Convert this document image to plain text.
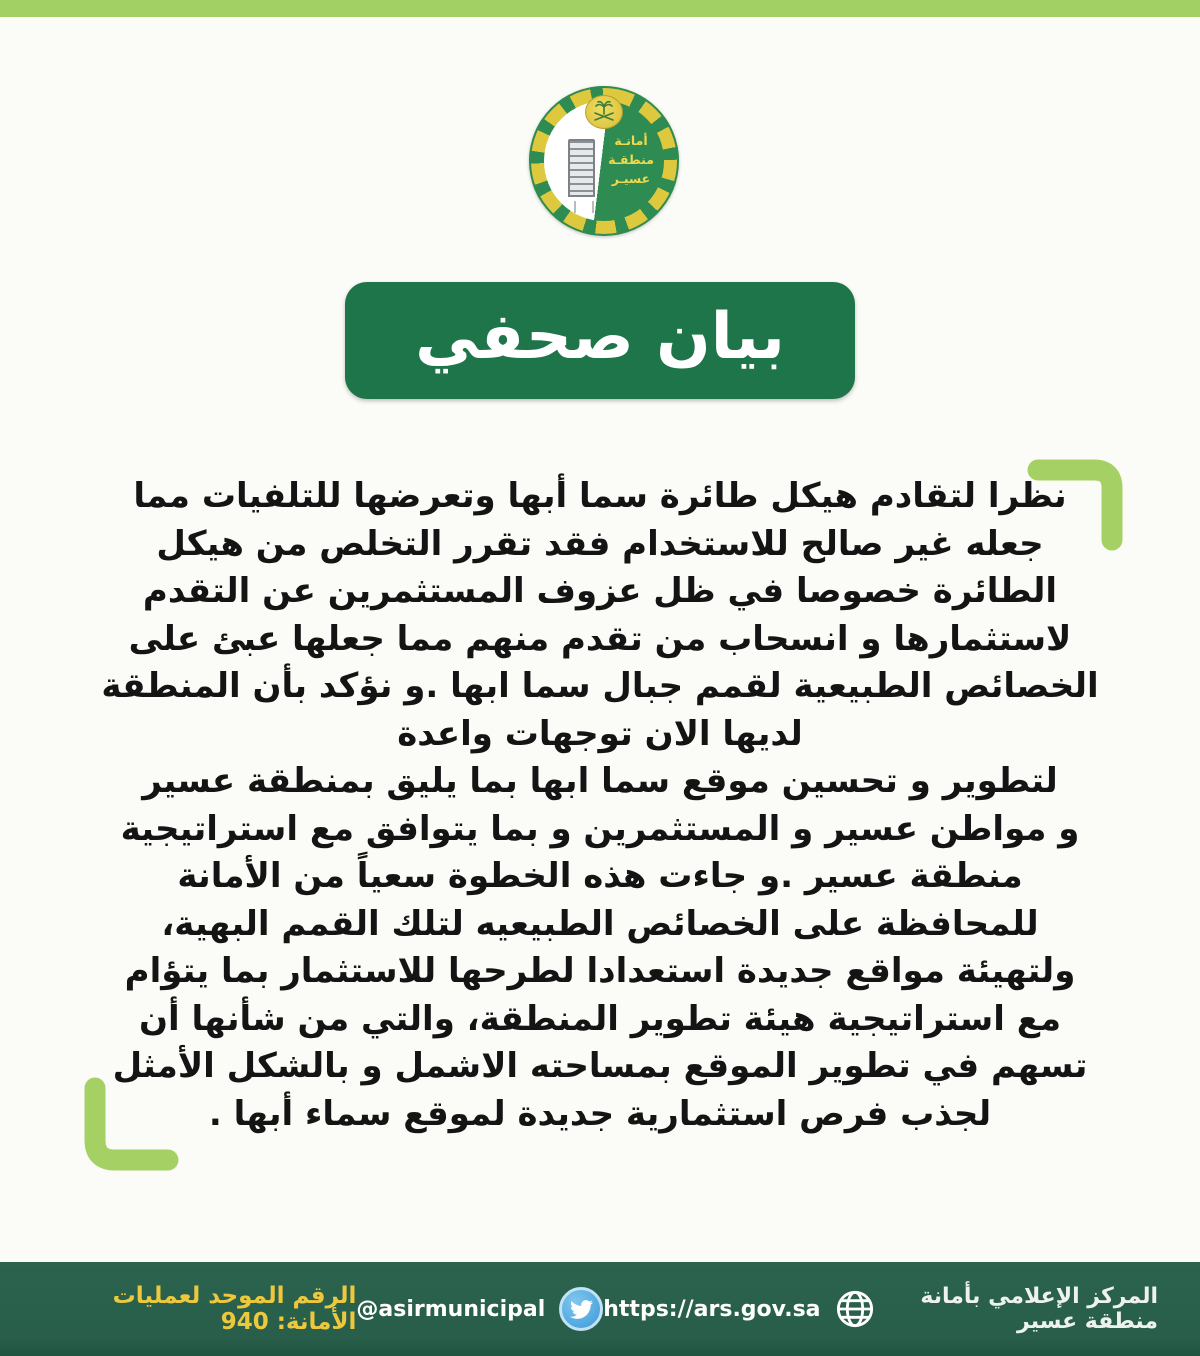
أمانـة
منطقـة
عسيـر
بيان صحفي
نظرا لتقادم هيكل طائرة سما أبها وتعرضها للتلفيات مما
جعله غير صالح للاستخدام فقد تقرر التخلص من هيكل
الطائرة خصوصا في ظل عزوف المستثمرين عن التقدم
لاستثمارها و انسحاب من تقدم منهم مما جعلها عبئ على
الخصائص الطبيعية لقمم جبال سما ابها .و نؤكد بأن المنطقة
لديها الان توجهات واعدة
لتطوير و تحسين موقع سما ابها بما يليق بمنطقة عسير
و مواطن عسير و المستثمرين و بما يتوافق مع استراتيجية
منطقة عسير .و جاءت هذه الخطوة سعياً من الأمانة
للمحافظة على الخصائص الطبيعيه لتلك القمم البهية،
ولتهيئة مواقع جديدة استعدادا لطرحها للاستثمار بما يتؤام
مع استراتيجية هيئة تطوير المنطقة، والتي من شأنها أن
تسهم في تطوير الموقع بمساحته الاشمل و بالشكل الأمثل
لجذب فرص استثمارية جديدة لموقع سماء أبها .
المركز الإعلامي بأمانة منطقة عسير
https://ars.gov.sa
@asirmunicipal
الرقم الموحد لعمليات الأمانة: 940
